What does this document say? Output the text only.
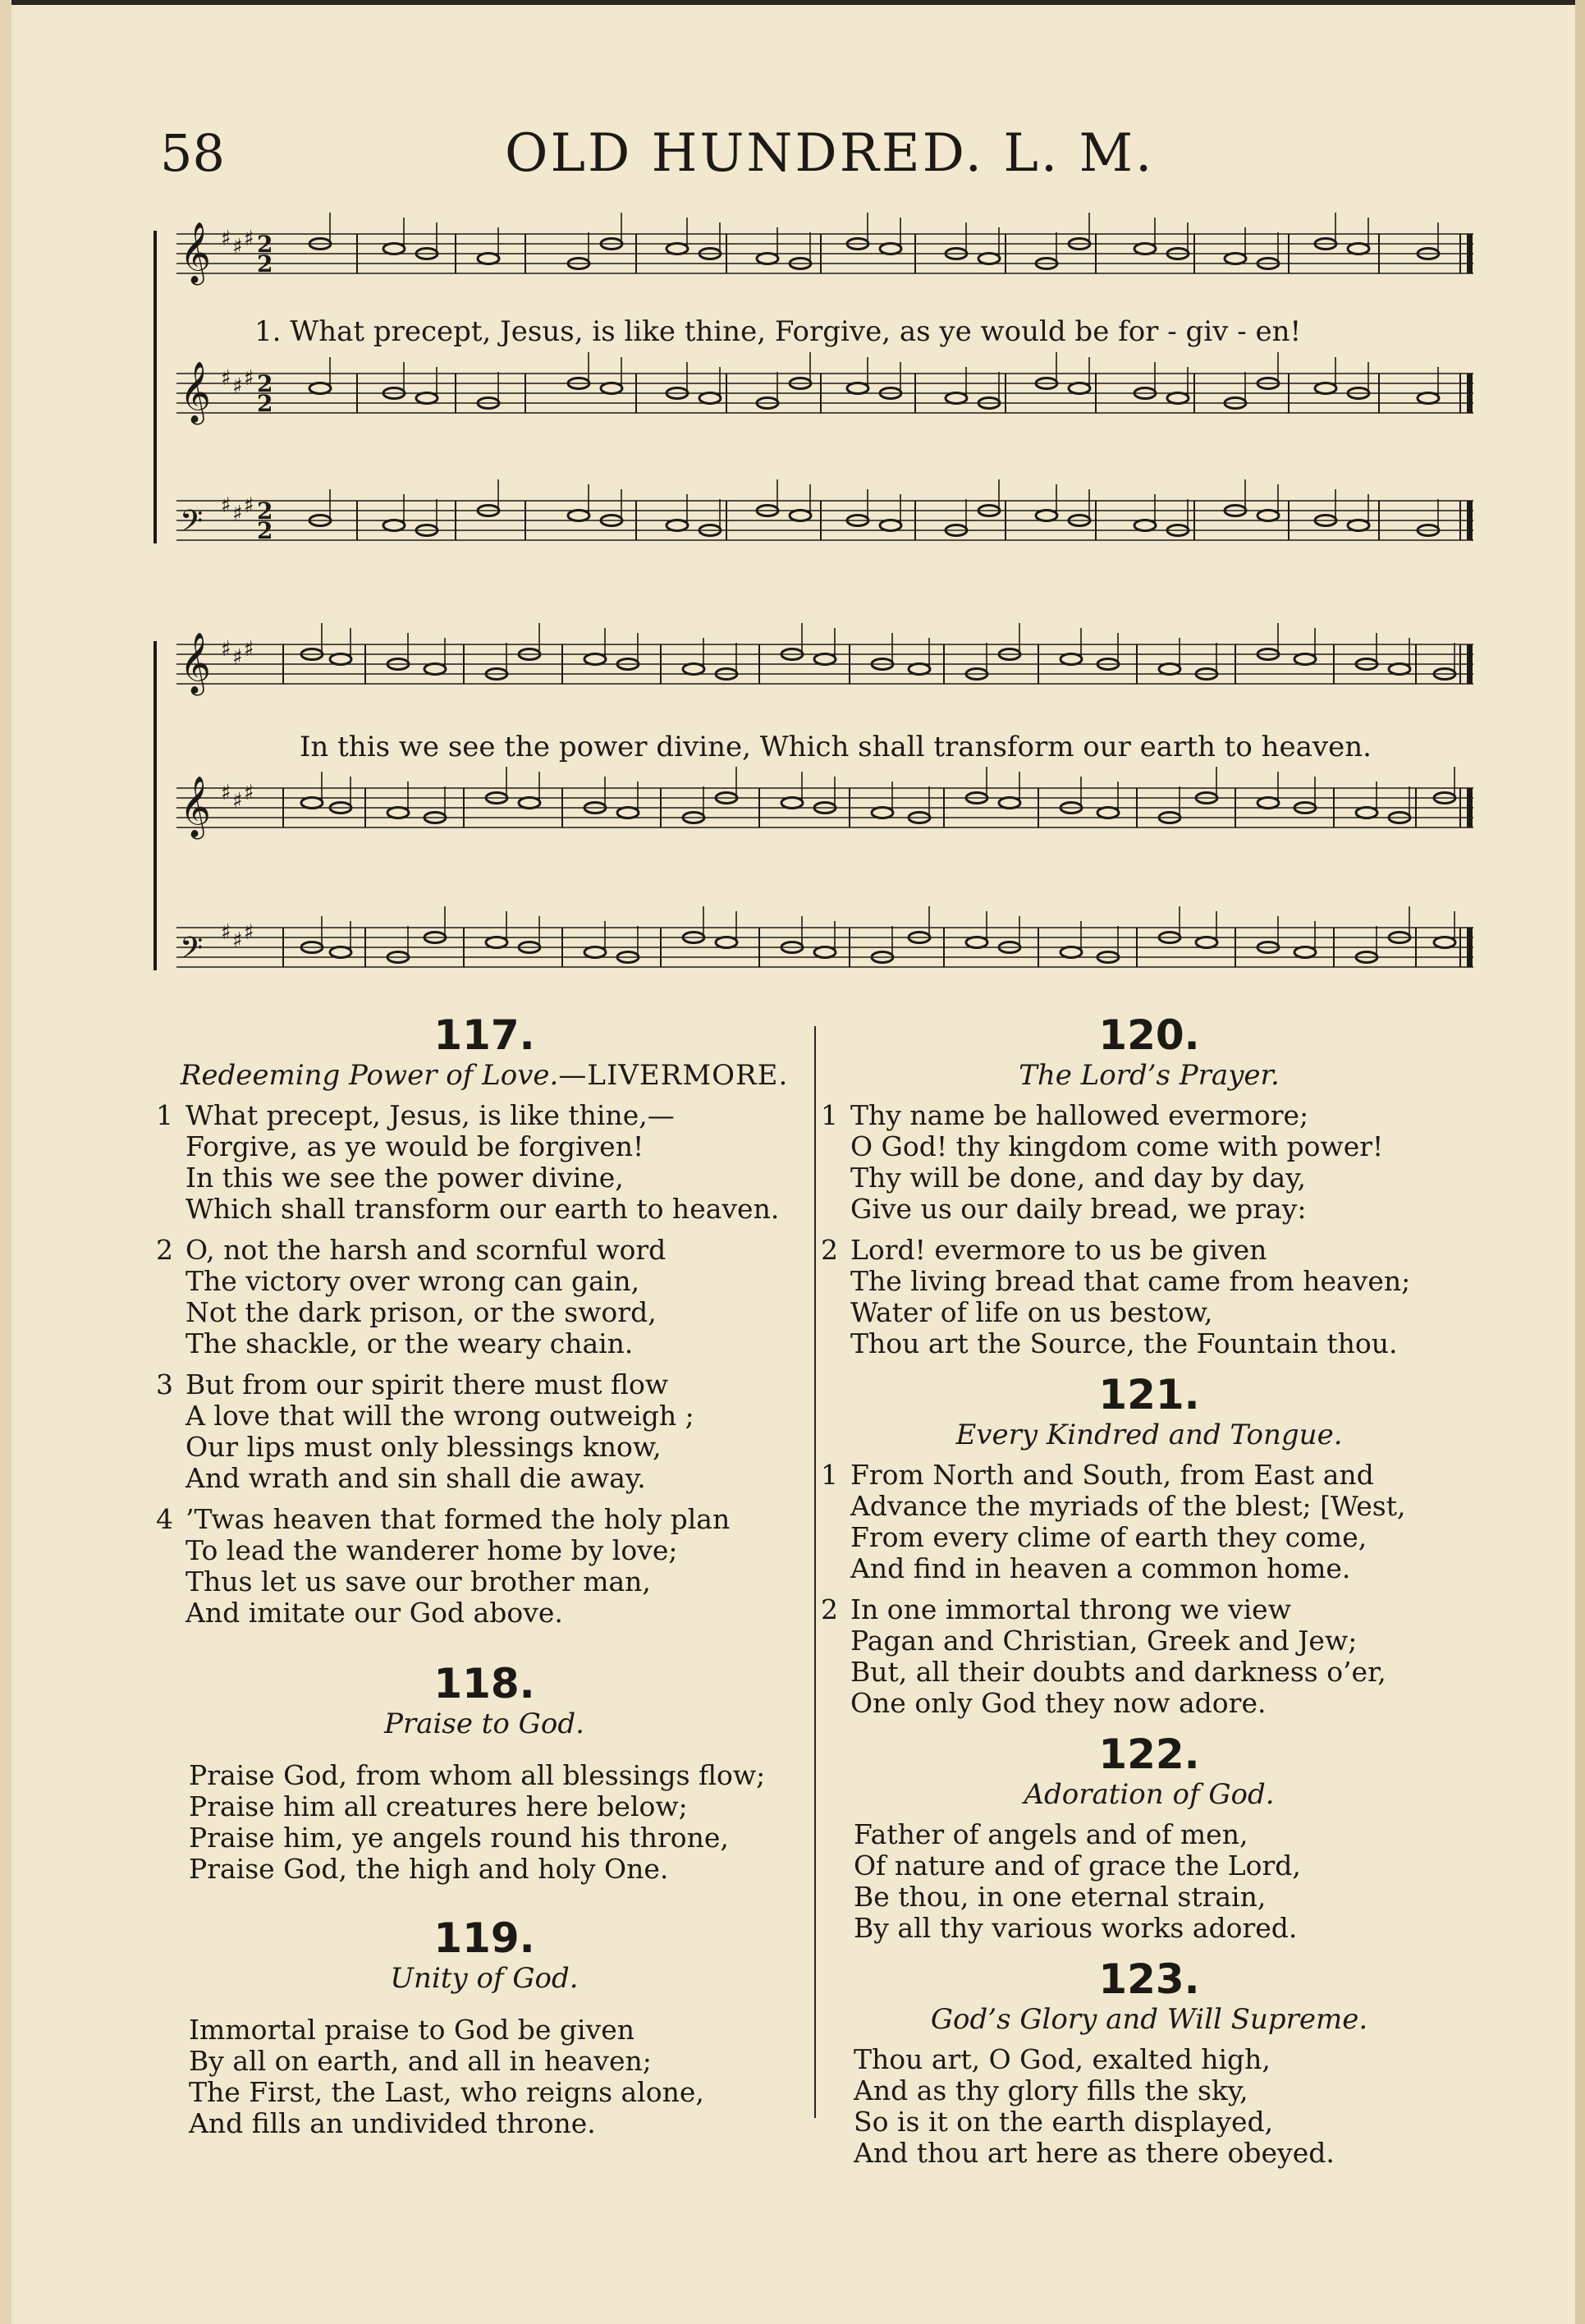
58	OLD HUNDRED. L. M.
𝄞 ♯ ♯ ♯ 2
2
𝄞 ♯ ♯ ♯ 2
2
𝄢 ♯ ♯ ♯ 2
2
1. What precept, Jesus, is like thine, Forgive, as ye would be for - giv - en!
𝄞 ♯ ♯ ♯
𝄞 ♯ ♯ ♯
𝄢 ♯ ♯ ♯
In this we see the power divine, Which shall transform our earth to heaven.
117.
Redeeming Power of Love.—LIVERMORE.
1 What precept, Jesus, is like thine,—
Forgive, as ye would be forgiven!
In this we see the power divine,
Which shall transform our earth to heaven.
2 O, not the harsh and scornful word
The victory over wrong can gain,
Not the dark prison, or the sword,
The shackle, or the weary chain.
3 But from our spirit there must flow
A love that will the wrong outweigh ;
Our lips must only blessings know,
And wrath and sin shall die away.
4 ’Twas heaven that formed the holy plan
To lead the wanderer home by love;
Thus let us save our brother man,
And imitate our God above.
118.
Praise to God.
Praise God, from whom all blessings flow;
Praise him all creatures here below;
Praise him, ye angels round his throne,
Praise God, the high and holy One.
119.
Unity of God.
Immortal praise to God be given
By all on earth, and all in heaven;
The First, the Last, who reigns alone,
And fills an undivided throne.
120.
The Lord’s Prayer.
1 Thy name be hallowed evermore;
O God! thy kingdom come with power!
Thy will be done, and day by day,
Give us our daily bread, we pray:
2 Lord! evermore to us be given
The living bread that came from heaven;
Water of life on us bestow,
Thou art the Source, the Fountain thou.
121.
Every Kindred and Tongue.
1 From North and South, from East and
Advance the myriads of the blest; [West,
From every clime of earth they come,
And find in heaven a common home.
2 In one immortal throng we view
Pagan and Christian, Greek and Jew;
But, all their doubts and darkness o’er,
One only God they now adore.
122.
Adoration of God.
Father of angels and of men,
Of nature and of grace the Lord,
Be thou, in one eternal strain,
By all thy various works adored.
123.
God’s Glory and Will Supreme.
Thou art, O God, exalted high,
And as thy glory fills the sky,
So is it on the earth displayed,
And thou art here as there obeyed.
